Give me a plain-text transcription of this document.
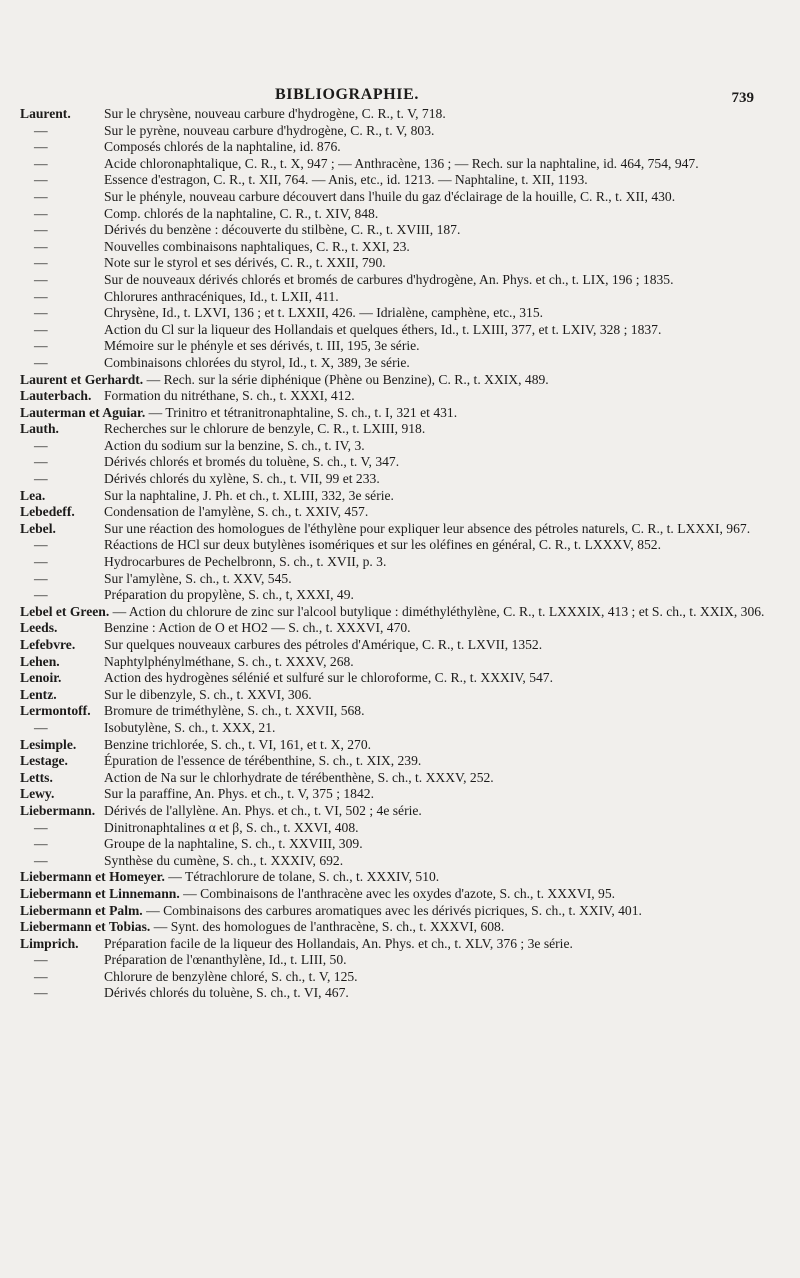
BIBLIOGRAPHIE.	739
Laurent.	Sur le chrysène, nouveau carbure d'hydrogène, C. R., t. V, 718.
—	Sur le pyrène, nouveau carbure d'hydrogène, C. R., t. V, 803.
—	Composés chlorés de la naphtaline, id. 876.
—	Acide chloronaphtalique, C. R., t. X, 947 ; — Anthracène, 136 ; — Rech. sur la naphtaline, id. 464, 754, 947.
—	Essence d'estragon, C. R., t. XII, 764. — Anis, etc., id. 1213. — Naphtaline, t. XII, 1193.
—	Sur le phényle, nouveau carbure découvert dans l'huile du gaz d'éclairage de la houille, C. R., t. XII, 430.
—	Comp. chlorés de la naphtaline, C. R., t. XIV, 848.
—	Dérivés du benzène : découverte du stilbène, C. R., t. XVIII, 187.
—	Nouvelles combinaisons naphtaliques, C. R., t. XXI, 23.
—	Note sur le styrol et ses dérivés, C. R., t. XXII, 790.
—	Sur de nouveaux dérivés chlorés et bromés de carbures d'hydrogène, An. Phys. et ch., t. LIX, 196 ; 1835.
—	Chlorures anthracéniques, Id., t. LXII, 411.
—	Chrysène, Id., t. LXVI, 136 ; et t. LXXII, 426. — Idrialène, camphène, etc., 315.
—	Action du Cl sur la liqueur des Hollandais et quelques éthers, Id., t. LXIII, 377, et t. LXIV, 328 ; 1837.
—	Mémoire sur le phényle et ses dérivés, t. III, 195, 3e série.
—	Combinaisons chlorées du styrol, Id., t. X, 389, 3e série.
Laurent et Gerhardt. — Rech. sur la série diphénique (Phène ou Benzine), C. R., t. XXIX, 489.
Lauterbach. Formation du nitréthane, S. ch., t. XXXI, 412.
Lauterman et Aguiar. — Trinitro et tétranitronaphtaline, S. ch., t. I, 321 et 431.
Lauth.	Recherches sur le chlorure de benzyle, C. R., t. LXIII, 918.
—	Action du sodium sur la benzine, S. ch., t. IV, 3.
—	Dérivés chlorés et bromés du toluène, S. ch., t. V, 347.
—	Dérivés chlorés du xylène, S. ch., t. VII, 99 et 233.
Lea.	Sur la naphtaline, J. Ph. et ch., t. XLIII, 332, 3e série.
Lebedeff.	Condensation de l'amylène, S. ch., t. XXIV, 457.
Lebel.	Sur une réaction des homologues de l'éthylène pour expliquer leur absence des pétroles naturels, C. R., t. LXXXI, 967.
—	Réactions de HCl sur deux butylènes isomériques et sur les oléfines en général, C. R., t. LXXXV, 852.
—	Hydrocarbures de Pechelbronn, S. ch., t. XVII, p. 3.
—	Sur l'amylène, S. ch., t. XXV, 545.
—	Préparation du propylène, S. ch., t, XXXI, 49.
Lebel et Green. — Action du chlorure de zinc sur l'alcool butylique : diméthyléthylène, C. R., t. LXXXIX, 413 ; et S. ch., t. XXIX, 306.
Leeds.	Benzine : Action de O et HO2 — S. ch., t. XXXVI, 470.
Lefebvre.	Sur quelques nouveaux carbures des pétroles d'Amérique, C. R., t. LXVII, 1352.
Lehen.	Naphtylphénylméthane, S. ch., t. XXXV, 268.
Lenoir.	Action des hydrogènes sélénié et sulfuré sur le chloroforme, C. R., t. XXXIV, 547.
Lentz.	Sur le dibenzyle, S. ch., t. XXVI, 306.
Lermontoff. Bromure de triméthylène, S. ch., t. XXVII, 568.
—	Isobutylène, S. ch., t. XXX, 21.
Lesimple.	Benzine trichlorée, S. ch., t. VI, 161, et t. X, 270.
Lestage.	Épuration de l'essence de térébenthine, S. ch., t. XIX, 239.
Letts.	Action de Na sur le chlorhydrate de térébenthène, S. ch., t. XXXV, 252.
Lewy.	Sur la paraffine, An. Phys. et ch., t. V, 375 ; 1842.
Liebermann. Dérivés de l'allylène. An. Phys. et ch., t. VI, 502 ; 4e série.
—	Dinitronaphtalines α et β, S. ch., t. XXVI, 408.
—	Groupe de la naphtaline, S. ch., t. XXVIII, 309.
—	Synthèse du cumène, S. ch., t. XXXIV, 692.
Liebermann et Homeyer. — Tétrachlorure de tolane, S. ch., t. XXXIV, 510.
Liebermann et Linnemann. — Combinaisons de l'anthracène avec les oxydes d'azote, S. ch., t. XXXVI, 95.
Liebermann et Palm. — Combinaisons des carbures aromatiques avec les dérivés picriques, S. ch., t. XXIV, 401.
Liebermann et Tobias. — Synt. des homologues de l'anthracène, S. ch., t. XXXVI, 608.
Limprich.	Préparation facile de la liqueur des Hollandais, An. Phys. et ch., t. XLV, 376 ; 3e série.
—	Préparation de l'œnanthylène, Id., t. LIII, 50.
—	Chlorure de benzylène chloré, S. ch., t. V, 125.
—	Dérivés chlorés du toluène, S. ch., t. VI, 467.
